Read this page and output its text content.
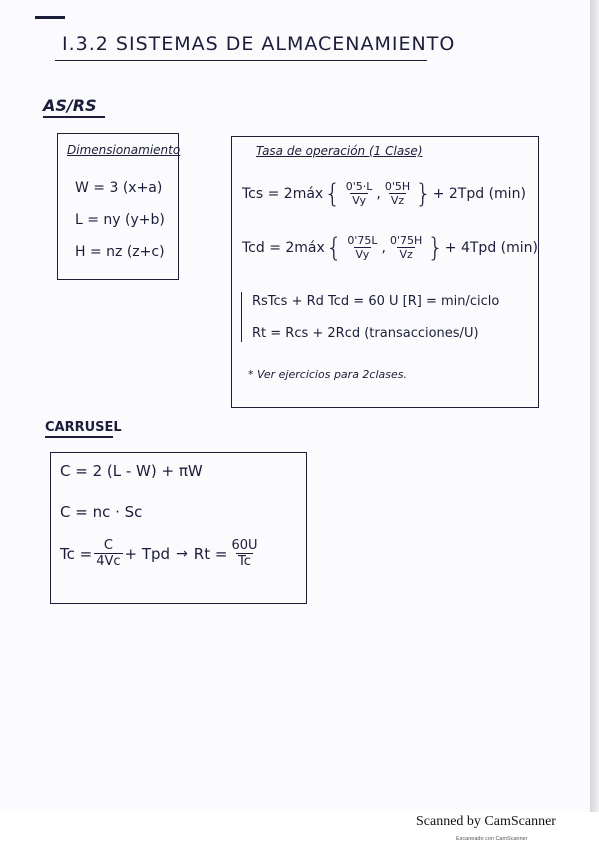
I.3.2 SISTEMAS DE ALMACENAMIENTO
AS/RS
Dimensionamiento
W = 3 (x+a)
L = ny (y+b)
H = nz (z+c)
Tasa de operación (1 Clase)
Tcs = 2máx { $\frac{0'5\cdot L}{Vy}$ , $\frac{0'5H}{Vz}$ } + 2Tpd (min)
Tcd = 2máx { $\frac{0'75L}{Vy}$ , $\frac{0'75H}{Vz}$ } + 4Tpd (min)
RsTcs + Rd Tcd = 60 U [R] = min/ciclo
Rt = Rcs + 2Rcd (transacciones/U)
* Ver ejercicios para 2clases.
CARRUSEL
C = 2 (L - W) + πW
C = nc · Sc
$Tc = \frac{C}{4Vc}$ + Tpd → $Rt = \frac{60U}{Tc}$
Scanned by CamScanner
Escaneado con CamScanner
